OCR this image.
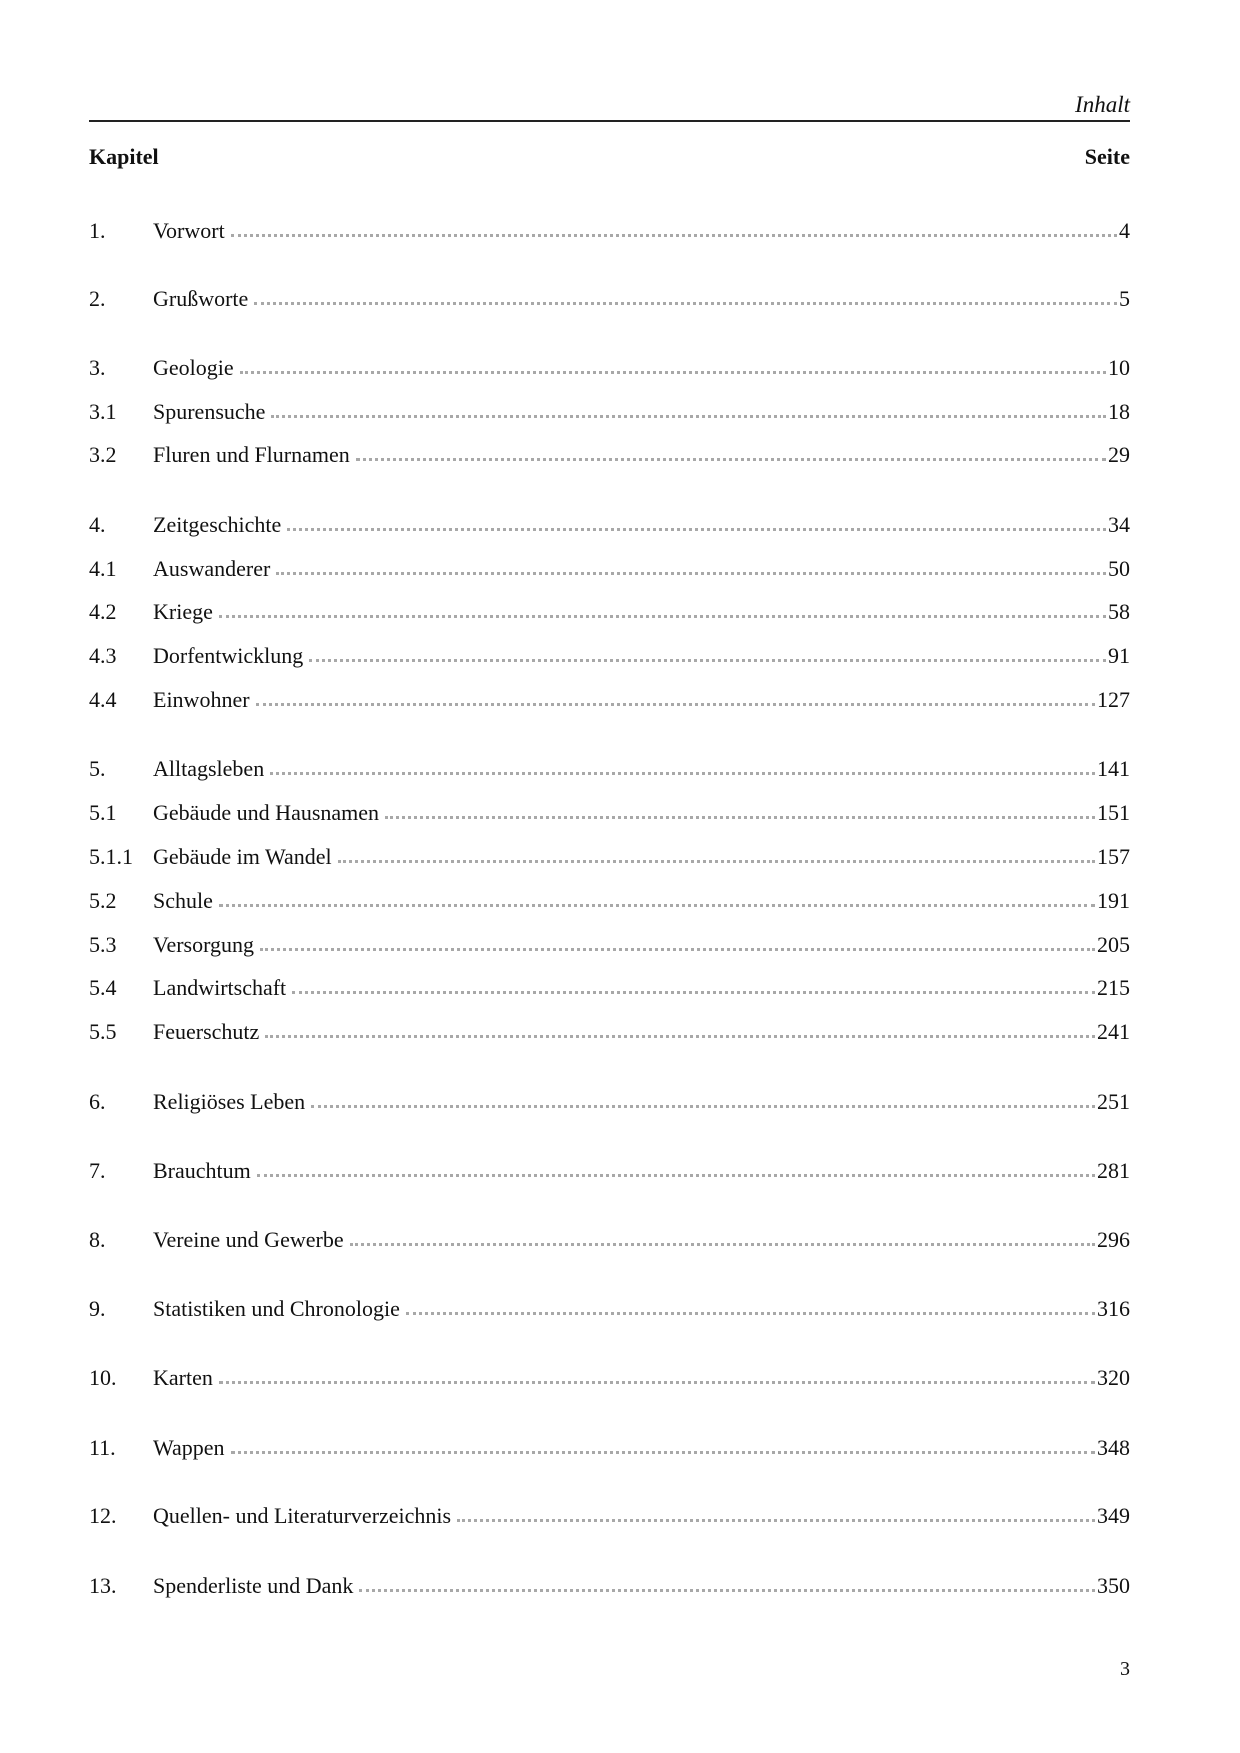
Inhalt
Kapitel	Seite
1.	Vorwort	4
2.	Grußworte	5
3.	Geologie	10
3.1	Spurensuche	18
3.2	Fluren und Flurnamen	29
4.	Zeitgeschichte	34
4.1	Auswanderer	50
4.2	Kriege	58
4.3	Dorfentwicklung	91
4.4	Einwohner	127
5.	Alltagsleben	141
5.1	Gebäude und Hausnamen	151
5.1.1 Gebäude im Wandel	157
5.2	Schule	191
5.3	Versorgung	205
5.4	Landwirtschaft	215
5.5	Feuerschutz	241
6.	Religiöses Leben	251
7.	Brauchtum	281
8.	Vereine und Gewerbe	296
9.	Statistiken und Chronologie	316
10.	Karten	320
11.	Wappen	348
12.	Quellen- und Literaturverzeichnis	349
13.	Spenderliste und Dank	350
3
